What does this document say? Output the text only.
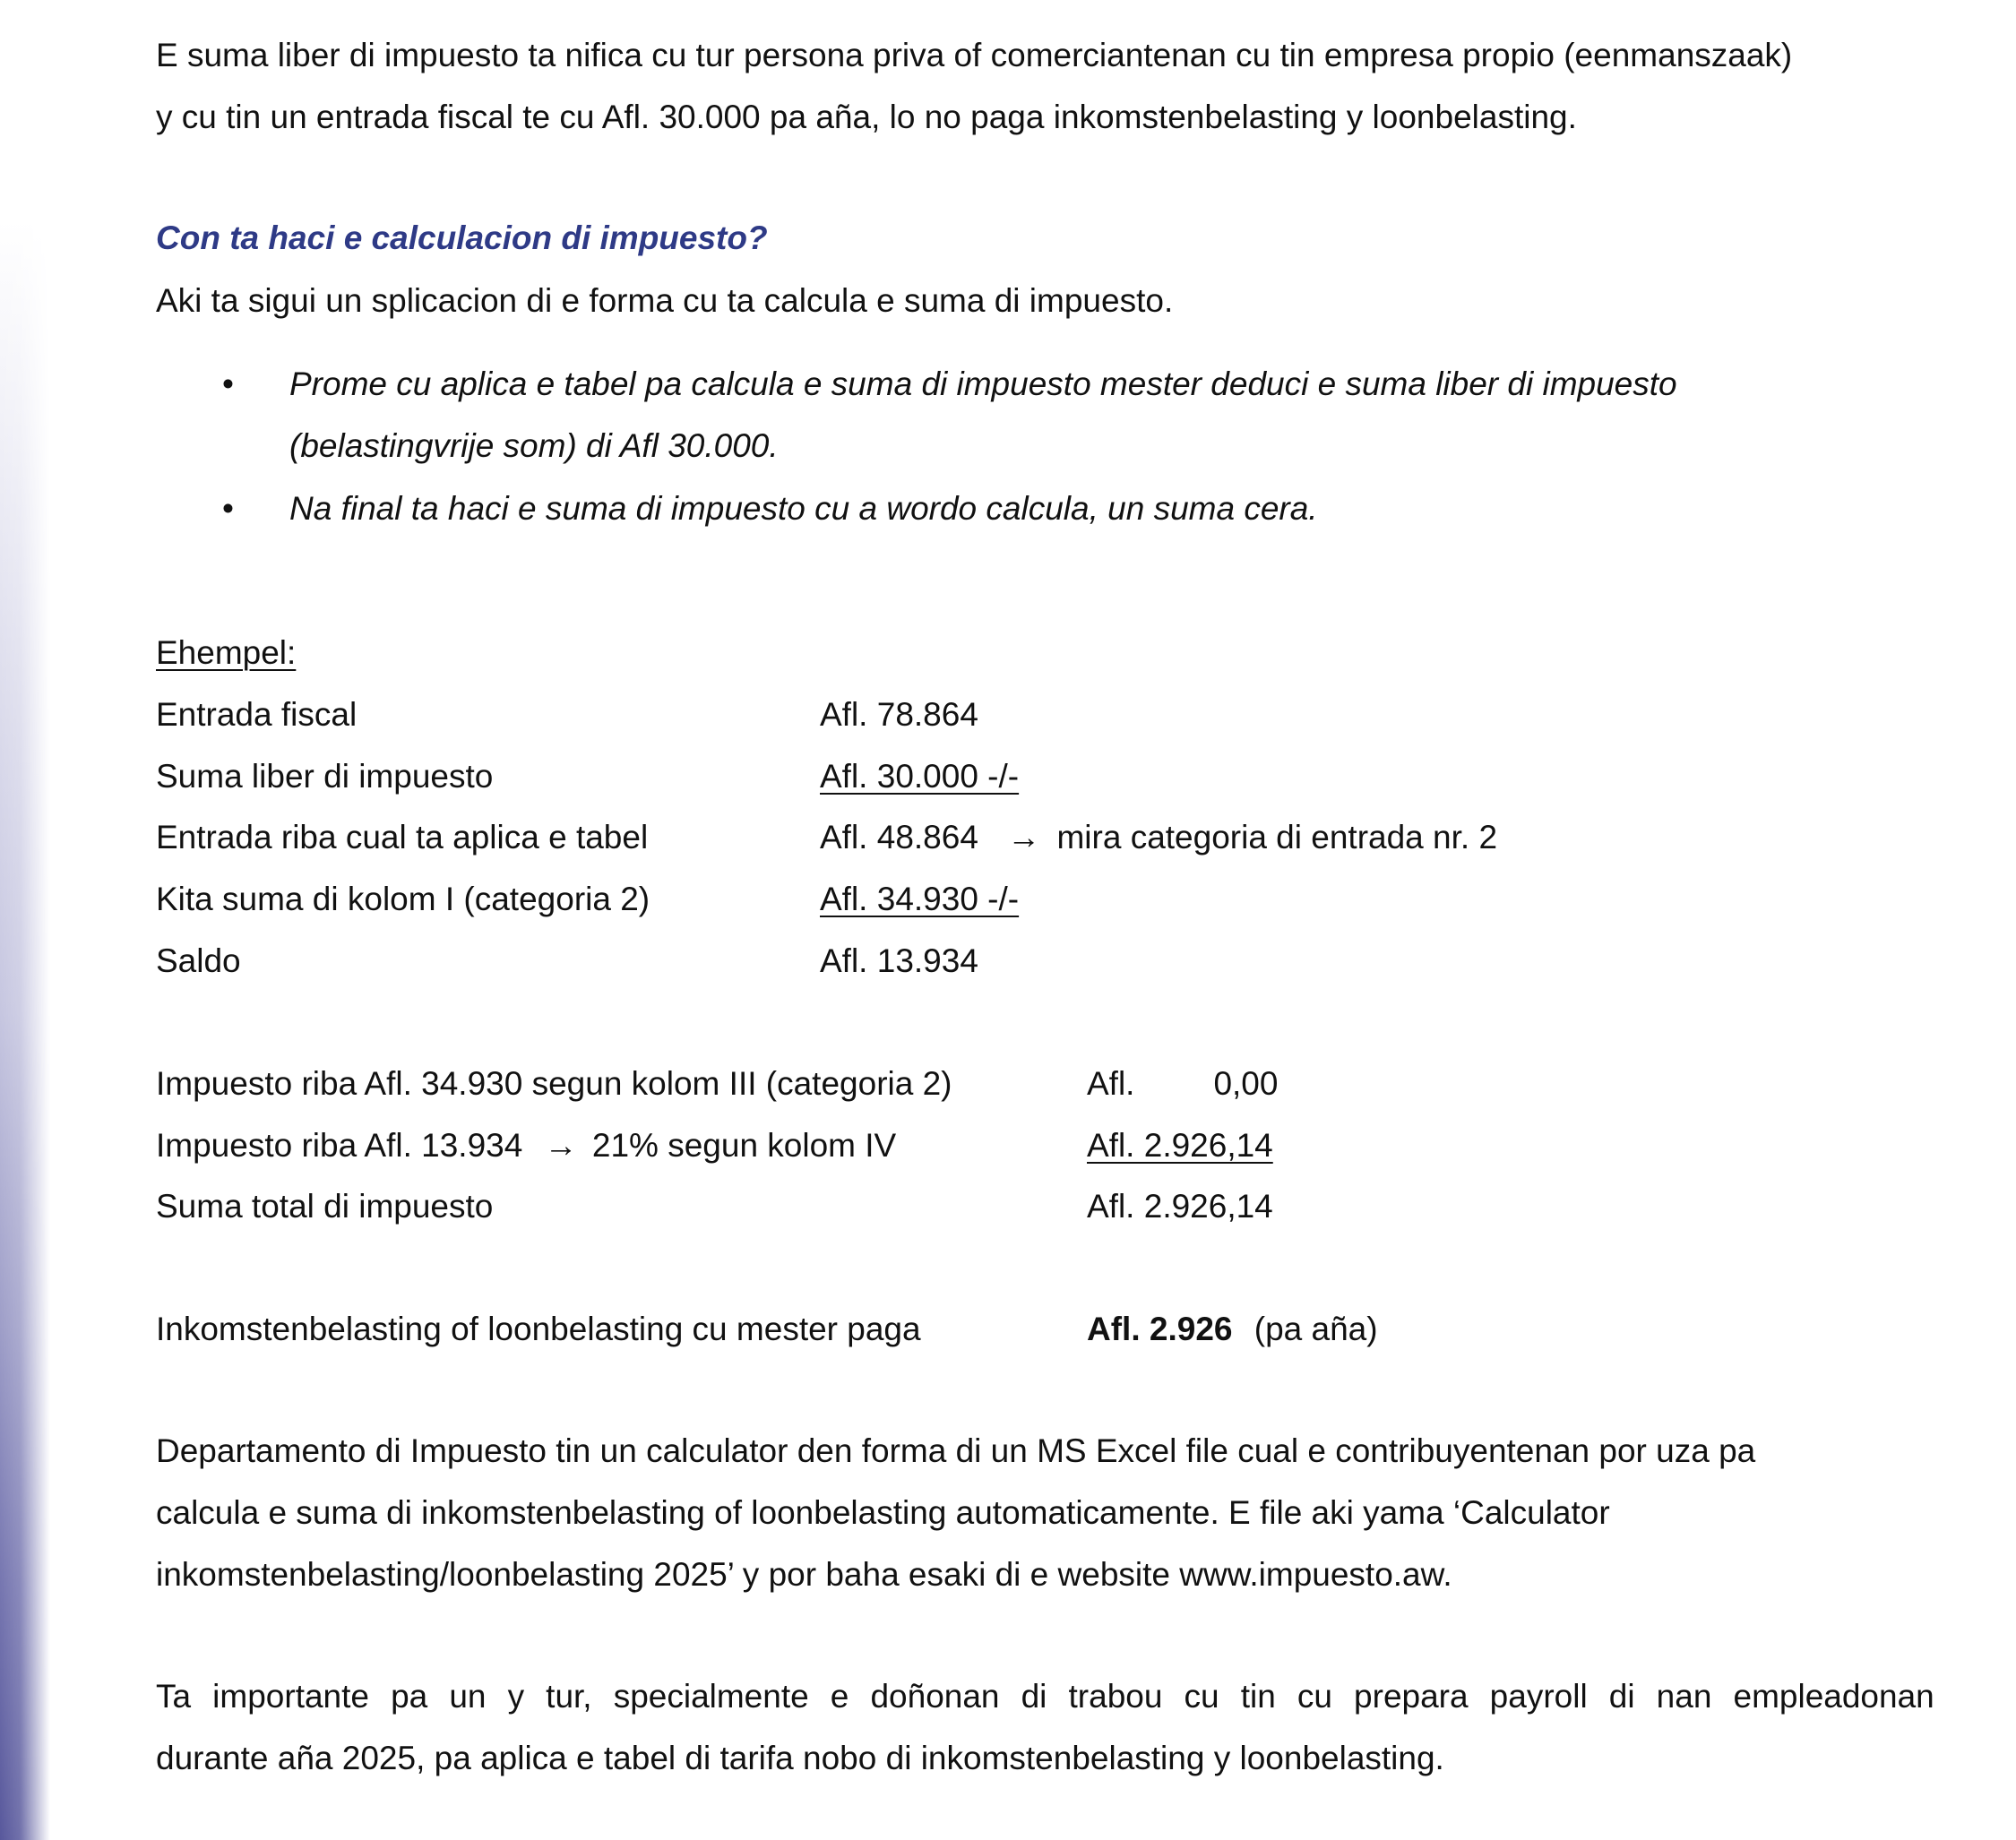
E suma liber di impuesto ta nifica cu tur persona priva of comerciantenan cu tin empresa propio (eenmanszaak)
y cu tin un entrada fiscal te cu Afl. 30.000 pa aña, lo no paga inkomstenbelasting y loonbelasting.
Con ta haci e calculacion di impuesto?
Aki ta sigui un splicacion di e forma cu ta calcula e suma di impuesto.
• Prome cu aplica e tabel pa calcula e suma di impuesto mester deduci e suma liber di impuesto
(belastingvrije som) di Afl 30.000.
• Na final ta haci e suma di impuesto cu a wordo calcula, un suma cera.
Ehempel:
Entrada fiscal	Afl. 78.864
Suma liber di impuesto	Afl. 30.000 -/-
Entrada riba cual ta aplica e tabel	Afl. 48.864 → mira categoria di entrada nr. 2
Kita suma di kolom I (categoria 2)	Afl. 34.930 -/-
Saldo	Afl. 13.934
Impuesto riba Afl. 34.930 segun kolom III (categoria 2)	Afl. 0,00
Impuesto riba Afl. 13.934 → 21% segun kolom IV	Afl. 2.926,14
Suma total di impuesto	Afl. 2.926,14
Inkomstenbelasting of loonbelasting cu mester paga	Afl. 2.926 (pa aña)
Departamento di Impuesto tin un calculator den forma di un MS Excel file cual e contribuyentenan por uza pa
calcula e suma di inkomstenbelasting of loonbelasting automaticamente. E file aki yama ‘Calculator
inkomstenbelasting/loonbelasting 2025’ y por baha esaki di e website www.impuesto.aw.
Ta importante pa un y tur, specialmente e doñonan di trabou cu tin cu prepara payroll di nan empleadonan
durante aña 2025, pa aplica e tabel di tarifa nobo di inkomstenbelasting y loonbelasting.
